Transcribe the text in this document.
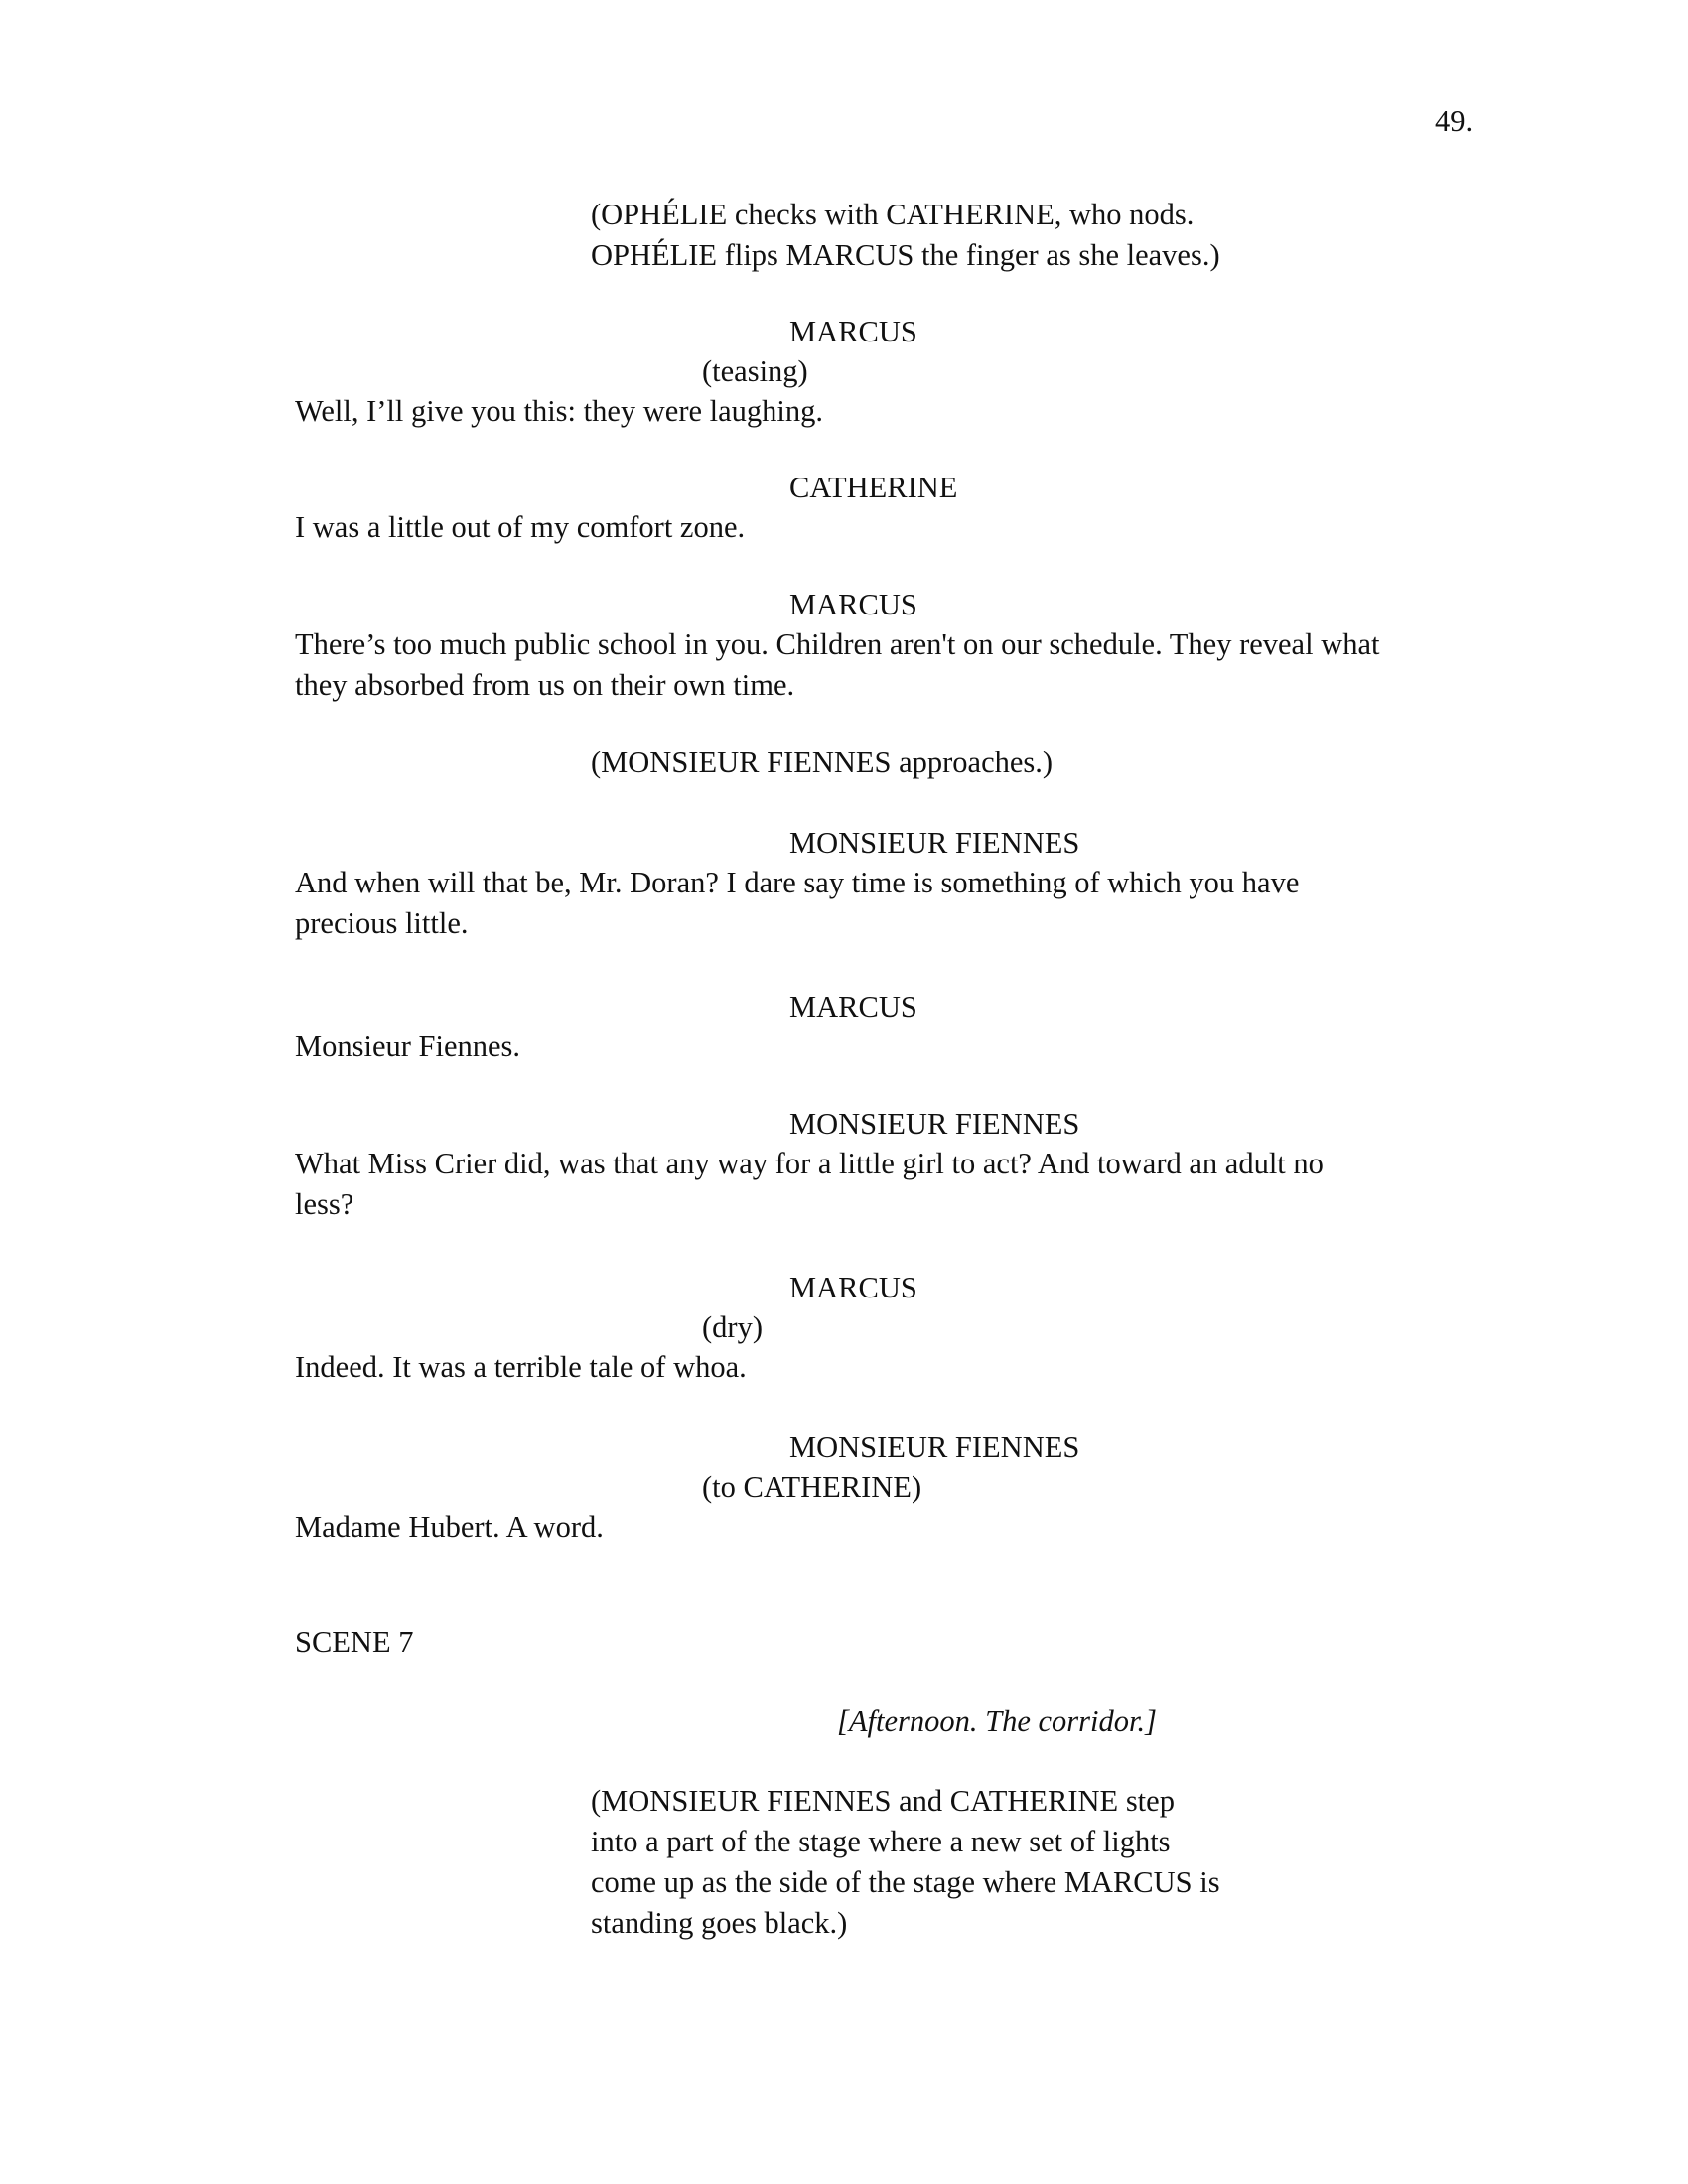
49.
(OPHÉLIE checks with CATHERINE, who nods.
OPHÉLIE flips MARCUS the finger as she leaves.)
MARCUS
(teasing)
Well, I’ll give you this: they were laughing.
CATHERINE
I was a little out of my comfort zone.
MARCUS
There’s too much public school in you. Children aren't on our schedule. They reveal what
they absorbed from us on their own time.
(MONSIEUR FIENNES approaches.)
MONSIEUR FIENNES
And when will that be, Mr. Doran? I dare say time is something of which you have
precious little.
MARCUS
Monsieur Fiennes.
MONSIEUR FIENNES
What Miss Crier did, was that any way for a little girl to act? And toward an adult no
less?
MARCUS
(dry)
Indeed. It was a terrible tale of whoa.
MONSIEUR FIENNES
(to CATHERINE)
Madame Hubert. A word.
SCENE 7
[Afternoon. The corridor.]
(MONSIEUR FIENNES and CATHERINE step
into a part of the stage where a new set of lights
come up as the side of the stage where MARCUS is
standing goes black.)
